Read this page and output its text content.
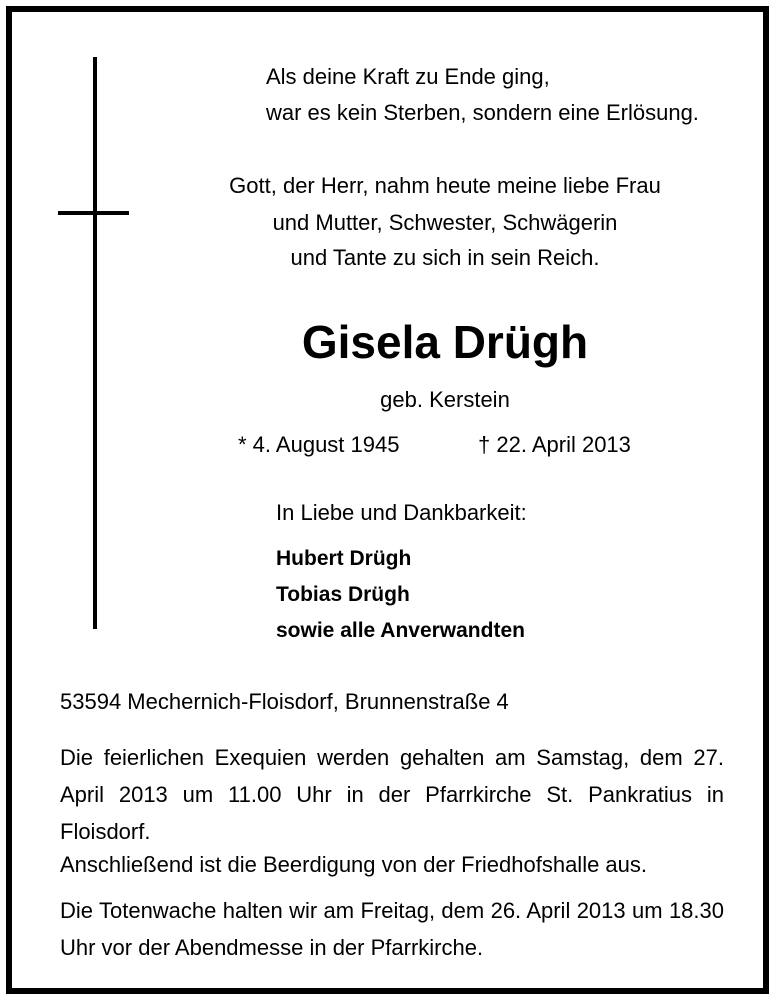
Als deine Kraft zu Ende ging,
war es kein Sterben, sondern eine Erlösung.
Gott, der Herr, nahm heute meine liebe Frau
und Mutter, Schwester, Schwägerin
und Tante zu sich in sein Reich.
Gisela Drügh
geb. Kerstein
* 4. August 1945	† 22. April 2013
In Liebe und Dankbarkeit:
Hubert Drügh
Tobias Drügh
sowie alle Anverwandten
53594 Mechernich-Floisdorf, Brunnenstraße 4
Die feierlichen Exequien werden gehalten am Samstag, dem 27. April 2013 um 11.00 Uhr in der Pfarrkirche St. Pankratius in Floisdorf.
Anschließend ist die Beerdigung von der Friedhofshalle aus.
Die Totenwache halten wir am Freitag, dem 26. April 2013 um 18.30 Uhr vor der Abendmesse in der Pfarrkirche.
